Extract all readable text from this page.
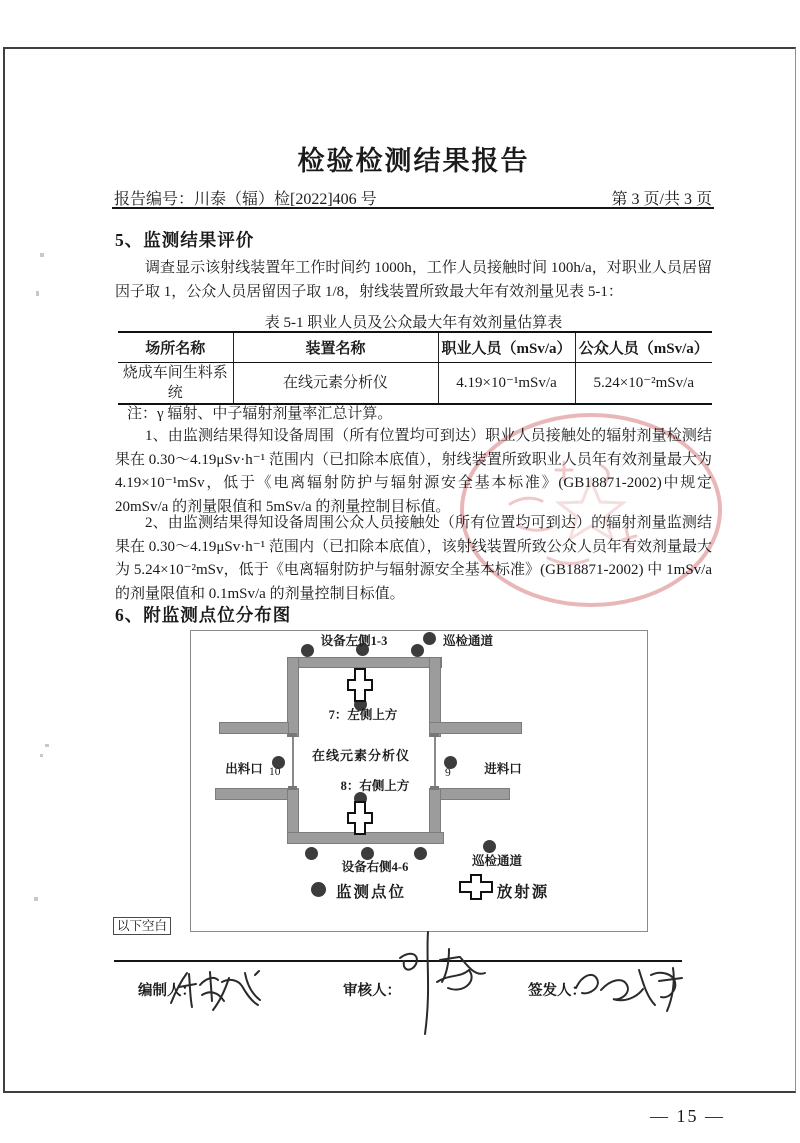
检验检测结果报告
报告编号：川泰（辐）检[2022]406 号	第 3 页/共 3 页
5、监测结果评价
调查显示该射线装置年工作时间约 1000h，工作人员接触时间 100h/a，对职业人员居留因子取 1，公众人员居留因子取 1/8，射线装置所致最大年有效剂量见表 5-1：
表 5-1 职业人员及公众最大年有效剂量估算表
场所名称	装置名称	职业人员（mSv/a）	公众人员（mSv/a）
烧成车间生料系统	在线元素分析仪	4.19×10⁻¹mSv/a	5.24×10⁻²mSv/a
注：γ 辐射、中子辐射剂量率汇总计算。
1、由监测结果得知设备周围（所有位置均可到达）职业人员接触处的辐射剂量检测结果在 0.30～4.19μSv·h⁻¹ 范围内（已扣除本底值），射线装置所致职业人员年有效剂量最大为 4.19×10⁻¹mSv，低于《电离辐射防护与辐射源安全基本标准》(GB18871-2002)中规定 20mSv/a 的剂量限值和 5mSv/a 的剂量控制目标值。
2、由监测结果得知设备周围公众人员接触处（所有位置均可到达）的辐射剂量监测结果在 0.30～4.19μSv·h⁻¹ 范围内（已扣除本底值），该射线装置所致公众人员年有效剂量最大为 5.24×10⁻²mSv，低于《电离辐射防护与辐射源安全基本标准》(GB18871-2002) 中 1mSv/a 的剂量限值和 0.1mSv/a 的剂量控制目标值。
6、附监测点位分布图
设备左侧1-3	巡检通道
7：左侧上方
在线元素分析仪
出料口 10	进料口
9
8：右侧上方
设备右侧4-6	巡检通道
监测点位	放射源
以下空白
编制人：	审核人：	签发人：
— 15 —
